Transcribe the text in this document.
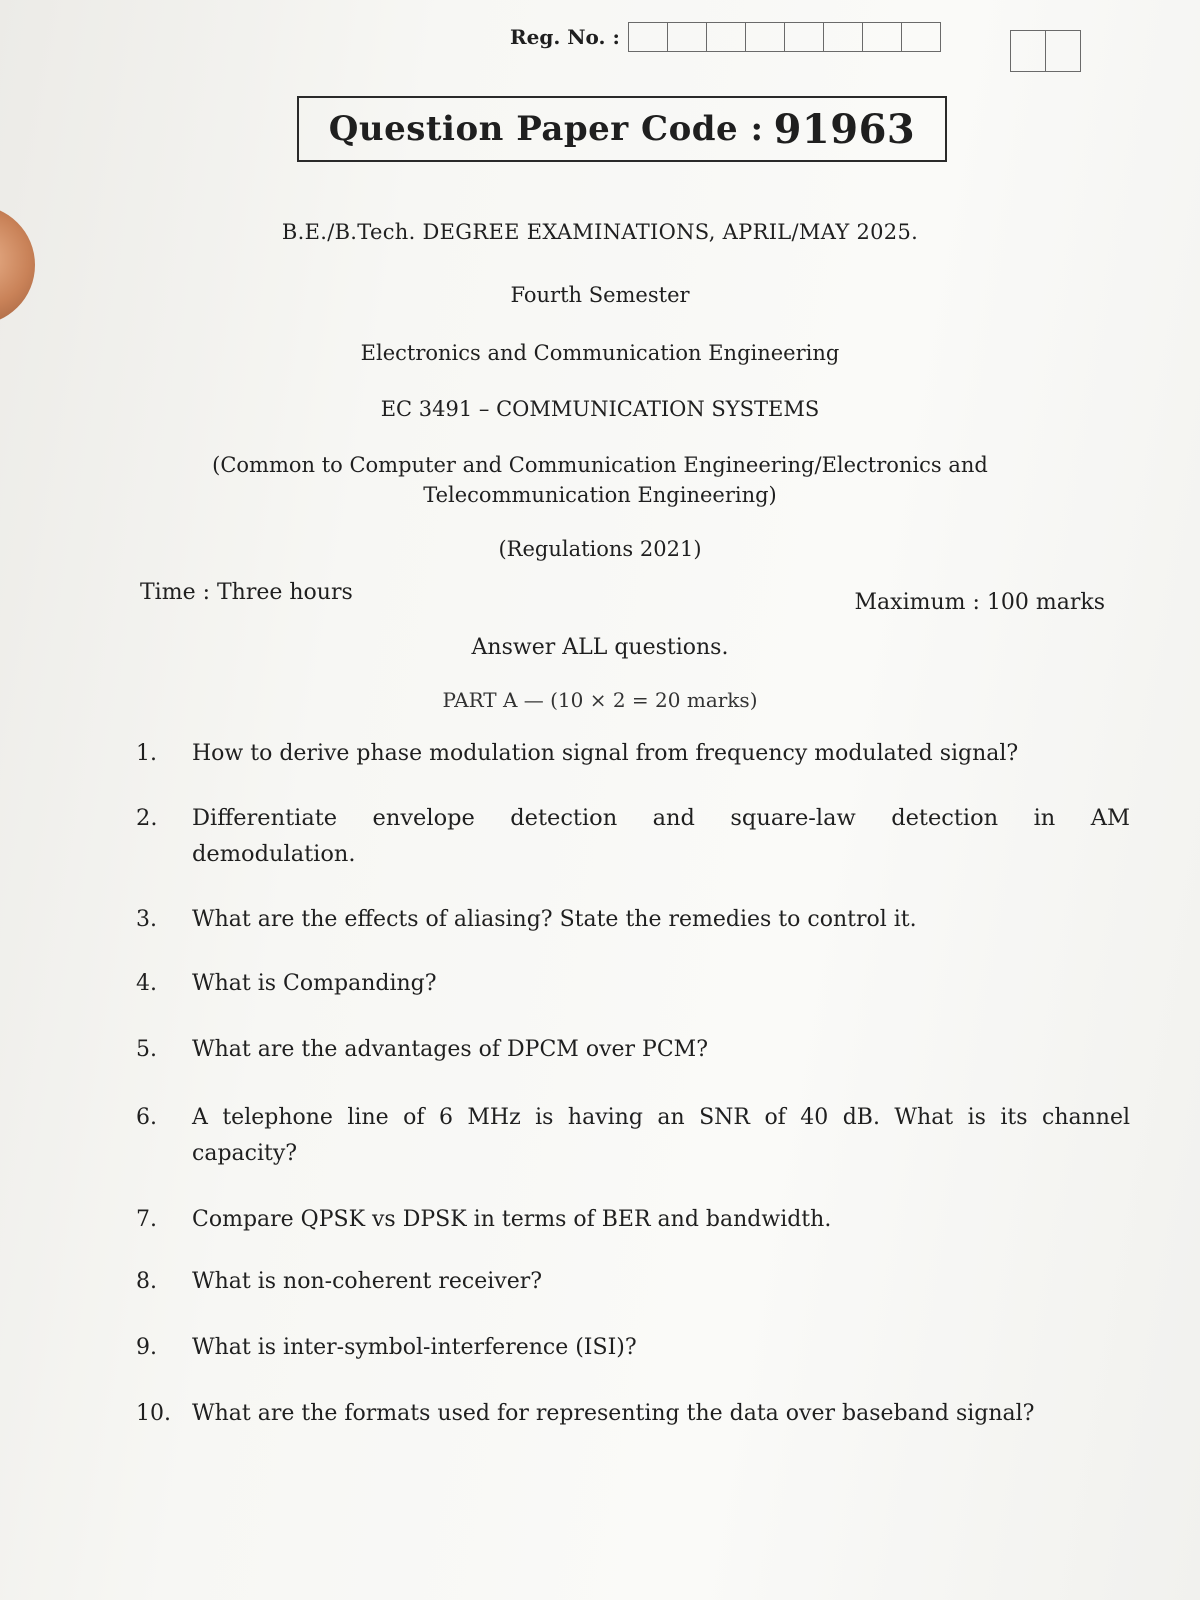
Reg. No. :
Question Paper Code : 91963
B.E./B.Tech. DEGREE EXAMINATIONS, APRIL/MAY 2025.
Fourth Semester
Electronics and Communication Engineering
EC 3491 – COMMUNICATION SYSTEMS
(Common to Computer and Communication Engineering/Electronics and
Telecommunication Engineering)
(Regulations 2021)
Time : Three hours	Maximum : 100 marks
Answer ALL questions.
PART A — (10 × 2 = 20 marks)
1.	How to derive phase modulation signal from frequency modulated signal?
2.	Differentiate envelope detection and square-law detection in AM demodulation.
3.	What are the effects of aliasing? State the remedies to control it.
4.	What is Companding?
5.	What are the advantages of DPCM over PCM?
6.	A telephone line of 6 MHz is having an SNR of 40 dB. What is its channel capacity?
7.	Compare QPSK vs DPSK in terms of BER and bandwidth.
8.	What is non-coherent receiver?
9.	What is inter-symbol-interference (ISI)?
10. What are the formats used for representing the data over baseband signal?
